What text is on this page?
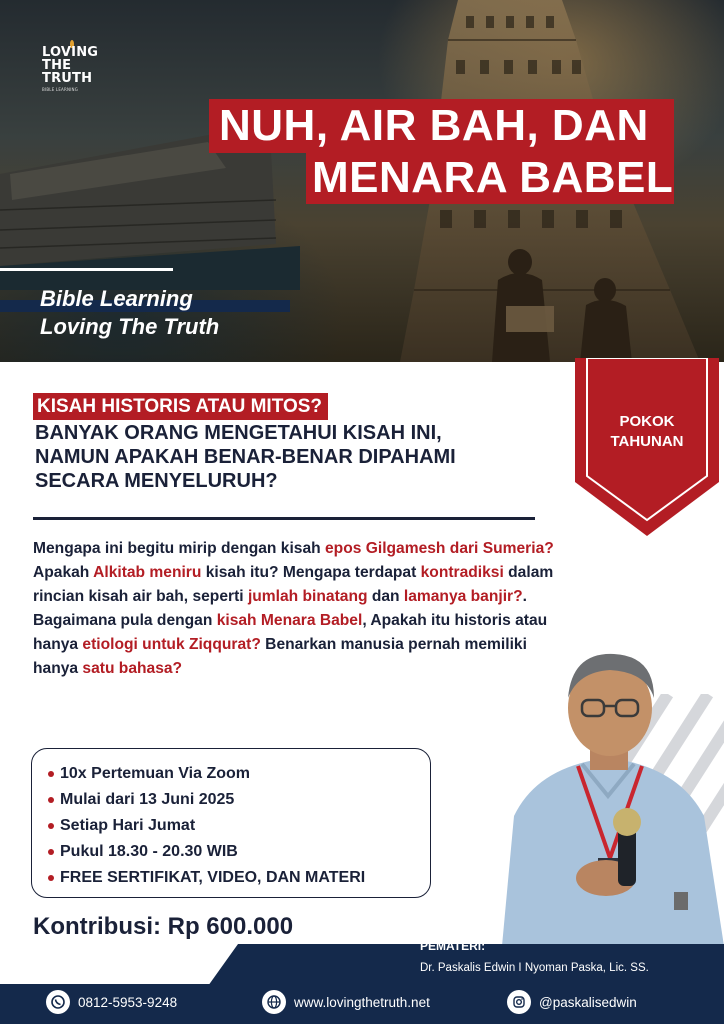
LOVING
THE
TRUTH
BIBLE LEARNING
NUH, AIR BAH, DAN
MENARA BABEL
Bible Learning
Loving The Truth
POKOK
TAHUNAN
KISAH HISTORIS ATAU MITOS?
BANYAK ORANG MENGETAHUI KISAH INI,
NAMUN APAKAH BENAR-BENAR DIPAHAMI
SECARA MENYELURUH?
Mengapa ini begitu mirip dengan kisah epos Gilgamesh dari Sumeria? Apakah Alkitab meniru kisah itu? Mengapa terdapat kontradiksi dalam rincian kisah air bah, seperti jumlah binatang dan lamanya banjir?. Bagaimana pula dengan kisah Menara Babel, Apakah itu historis atau hanya etiologi untuk Ziqqurat? Benarkan manusia pernah memiliki hanya satu bahasa?
10x Pertemuan Via Zoom
Mulai dari 13 Juni 2025
Setiap Hari Jumat
Pukul 18.30 - 20.30 WIB
FREE SERTIFIKAT, VIDEO, DAN MATERI
Kontribusi: Rp 600.000
Informasi lebih lanjut:
PEMATERI:
Dr. Paskalis Edwin I Nyoman Paska, Lic. SS.
0812-5953-9248	www.lovingthetruth.net	@paskalisedwin
